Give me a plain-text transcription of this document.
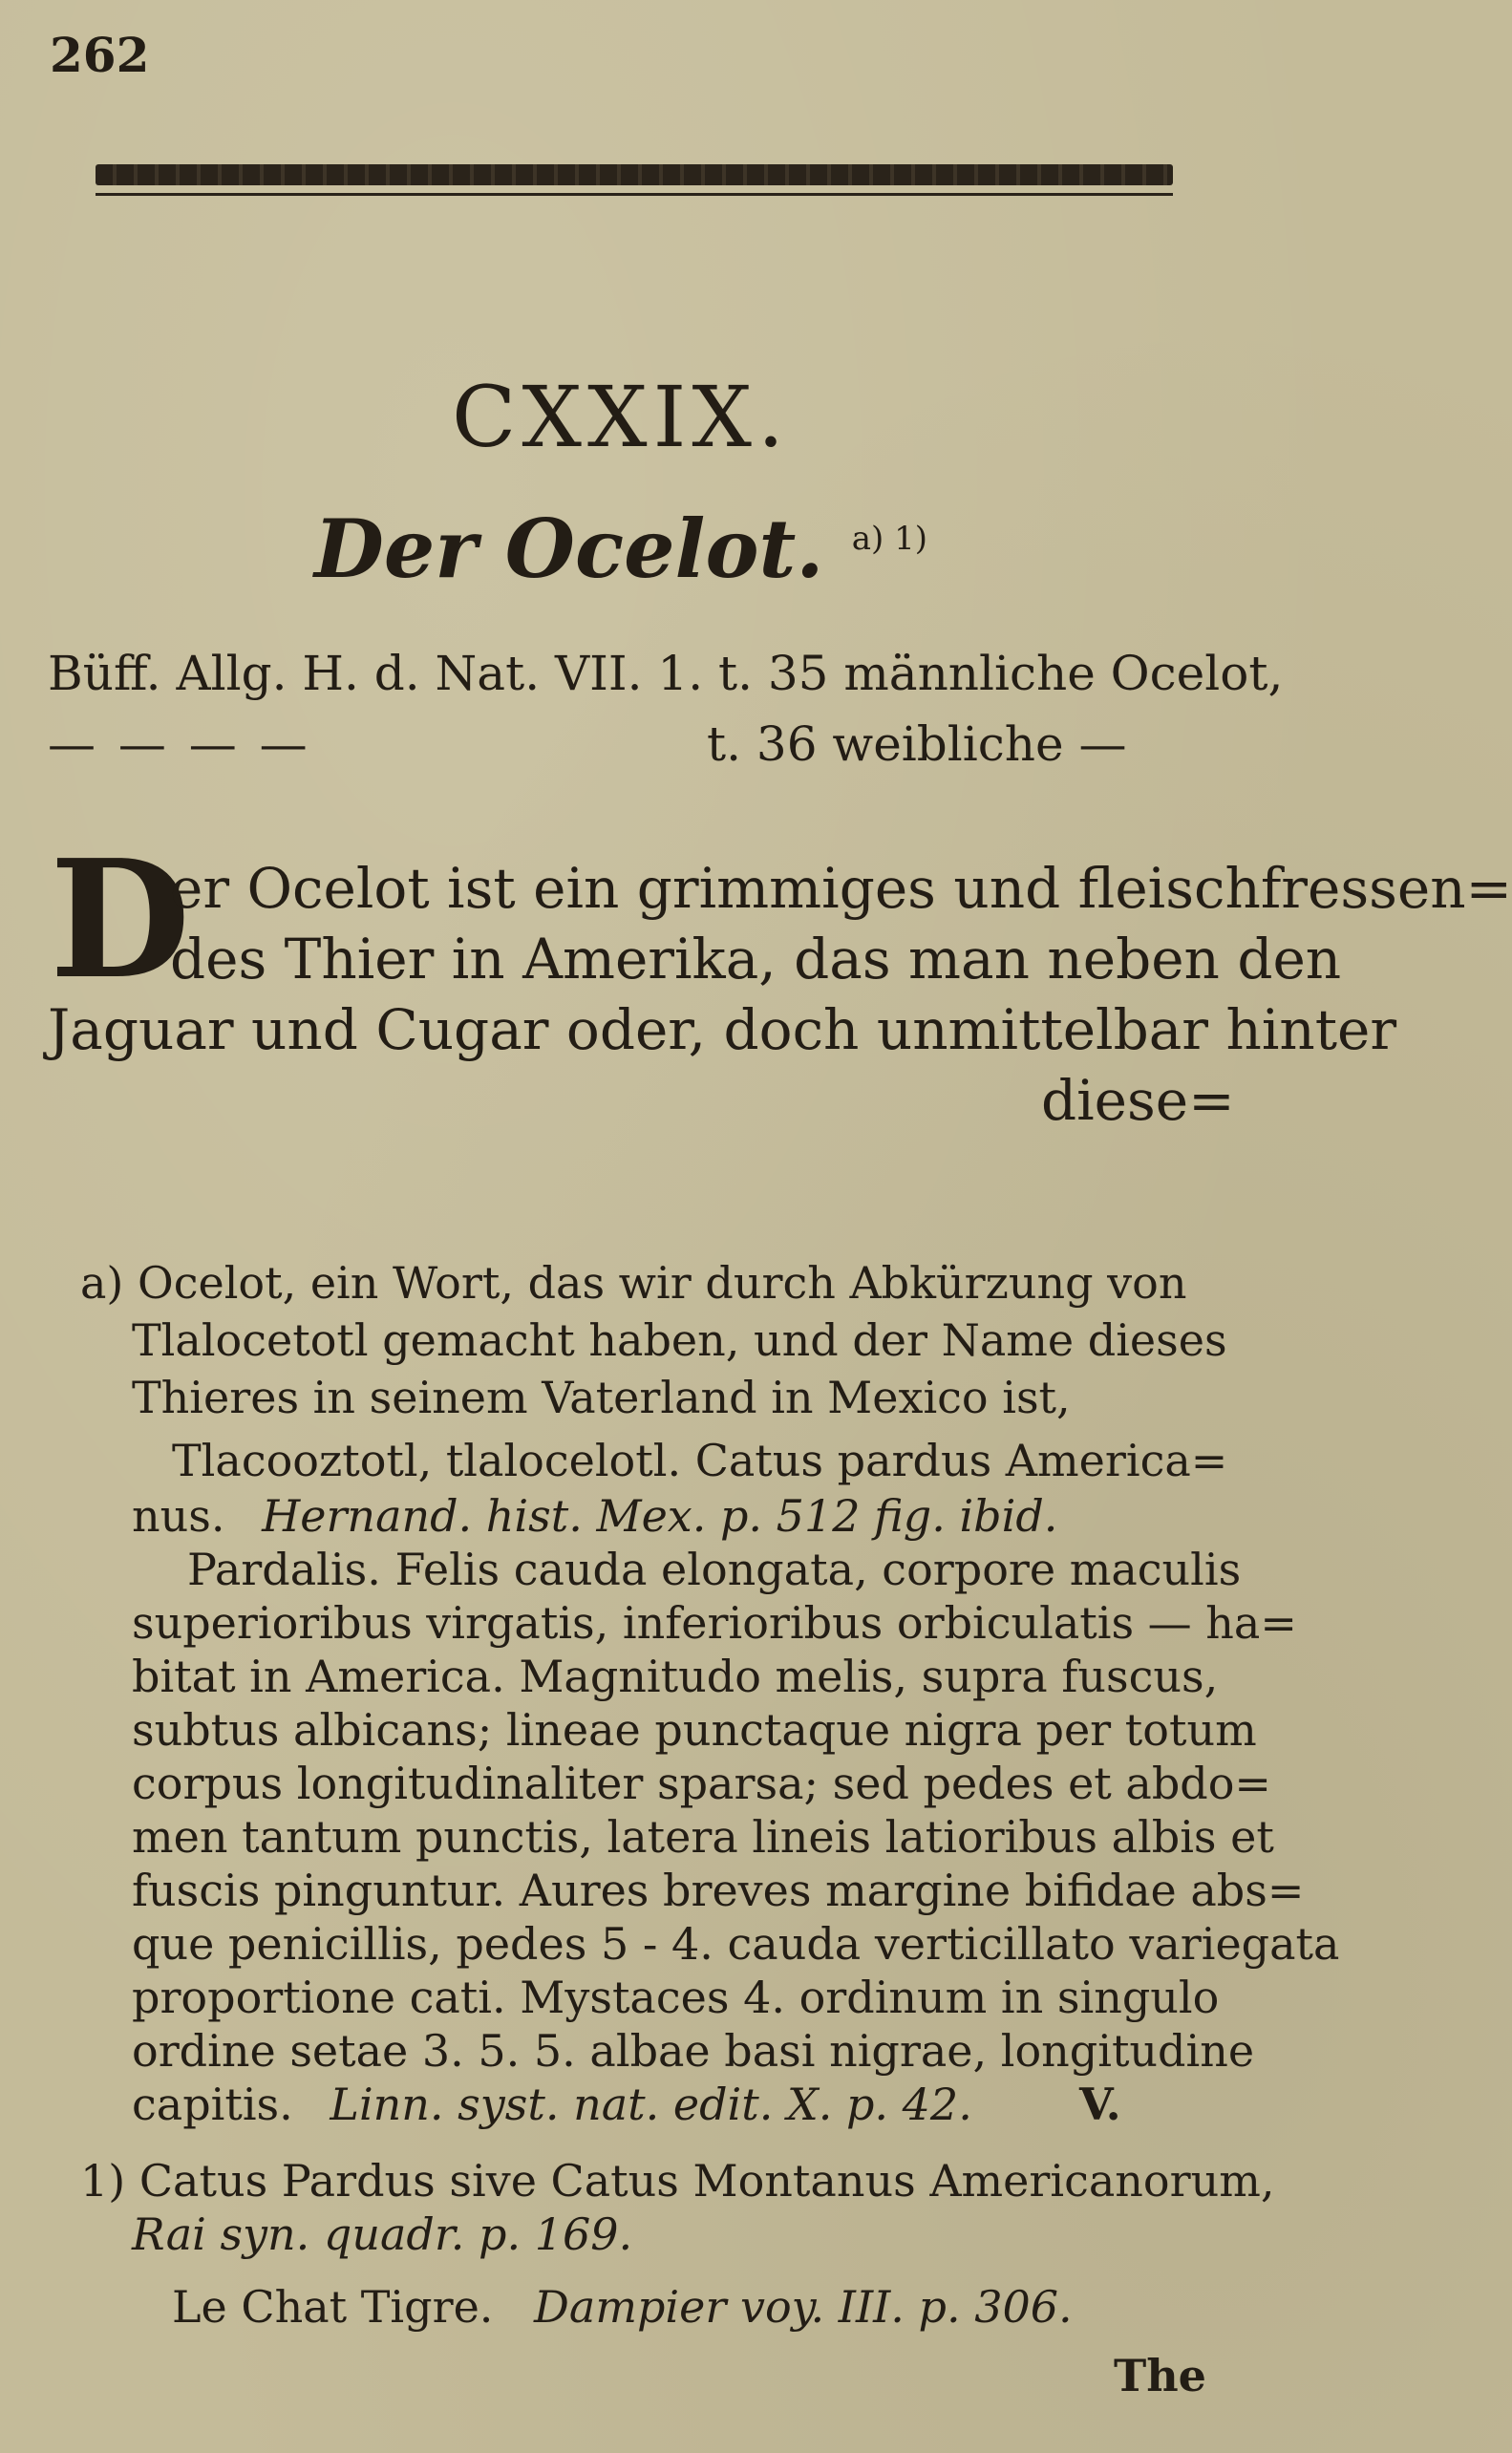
262
CXXIX.
Der Ocelot. $^{a) 1)}$
Büff. Allg. H. d. Nat. VII. 1. t. 35 männliche Ocelot,
— — — —	t. 36 weibliche —
D
er Ocelot ist ein grimmiges und fleischfressen=
des Thier in Amerika, das man neben den
Jaguar und Cugar oder, doch unmittelbar hinter
diese=
a) Ocelot, ein Wort, das wir durch Abkürzung von
Tlalocetotl gemacht haben, und der Name dieses
Thieres in seinem Vaterland in Mexico ist,
Tlacooztotl, tlalocelotl. Catus pardus America=
nus. Hernand. hist. Mex. p. 512 fig. ibid.
Pardalis. Felis cauda elongata, corpore maculis
superioribus virgatis, inferioribus orbiculatis — ha=
bitat in America. Magnitudo melis, supra fuscus,
subtus albicans; lineae punctaque nigra per totum
corpus longitudinaliter sparsa; sed pedes et abdo=
men tantum punctis, latera lineis latioribus albis et
fuscis pinguntur. Aures breves margine bifidae abs=
que penicillis, pedes 5 - 4. cauda verticillato variegata
proportione cati. Mystaces 4. ordinum in singulo
ordine setae 3. 5. 5. albae basi nigrae, longitudine
capitis. Linn. syst. nat. edit. X. p. 42. V.
1) Catus Pardus sive Catus Montanus Americanorum,
Rai syn. quadr. p. 169.
Le Chat Tigre. Dampier voy. III. p. 306.
The
